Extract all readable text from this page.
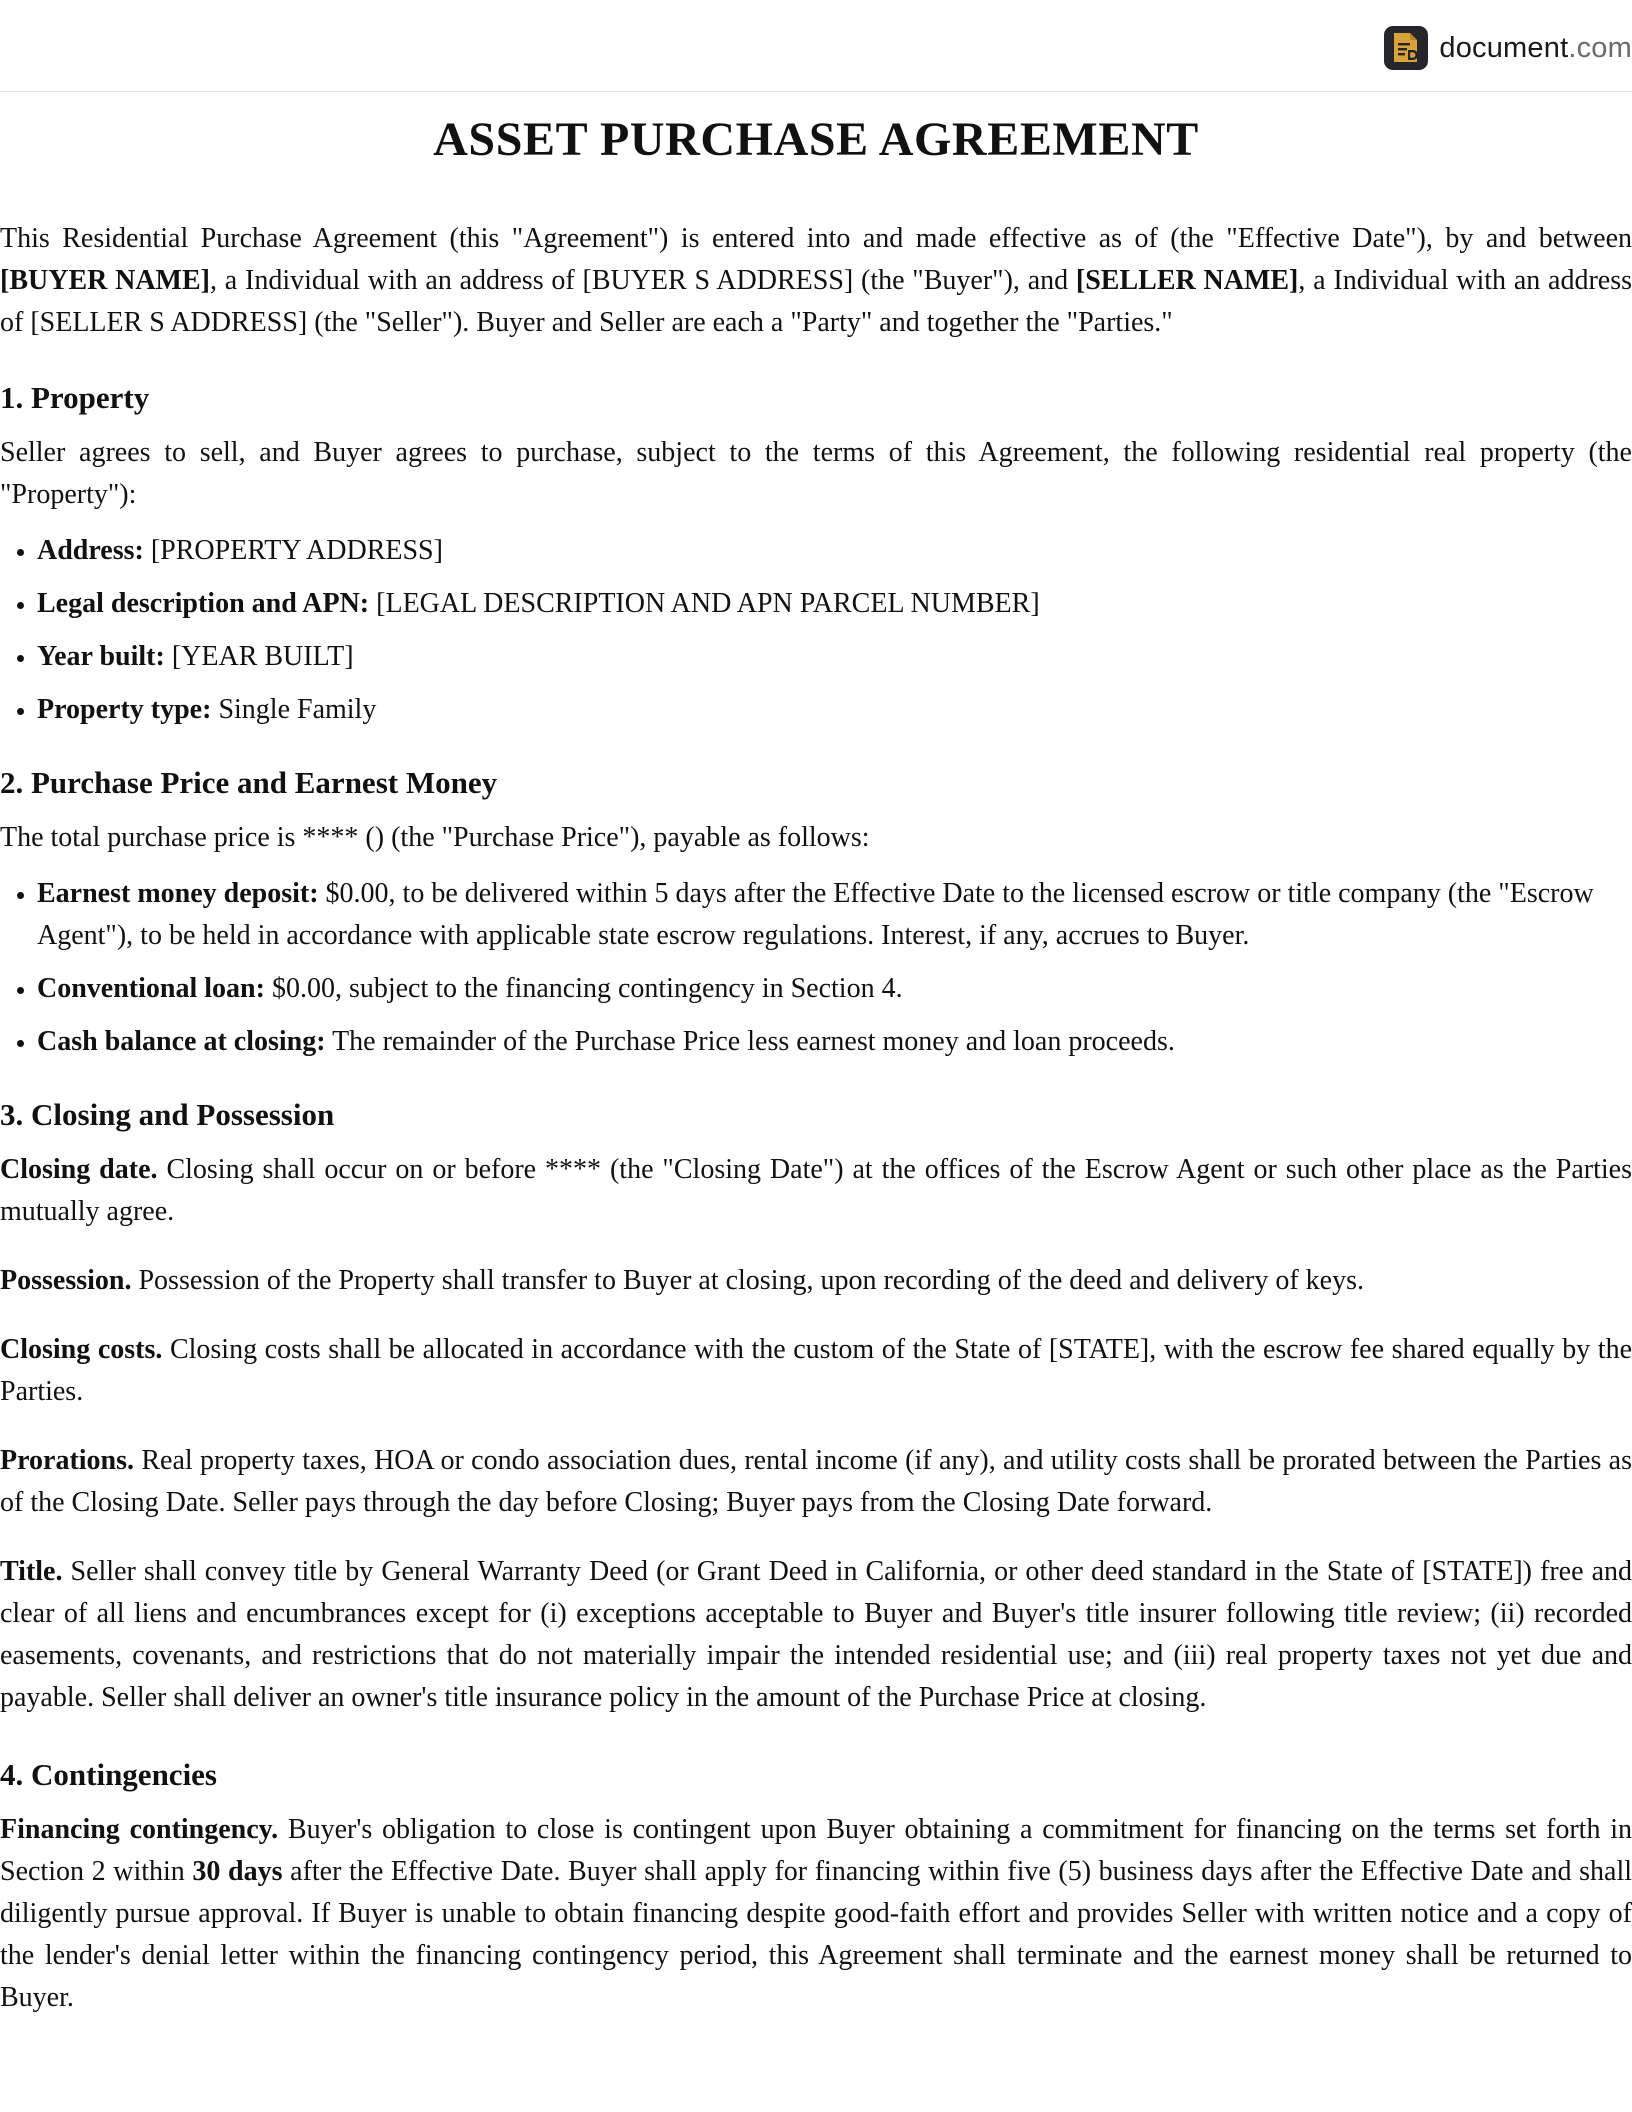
document.com
ASSET PURCHASE AGREEMENT

This Residential Purchase Agreement (this "Agreement") is entered into and made effective as of (the "Effective Date"), by and between [BUYER NAME], a Individual with an address of [BUYER S ADDRESS] (the "Buyer"), and [SELLER NAME], a Individual with an address of [SELLER S ADDRESS] (the "Seller"). Buyer and Seller are each a "Party" and together the "Parties."

1. Property

Seller agrees to sell, and Buyer agrees to purchase, subject to the terms of this Agreement, the following residential real property (the "Property"):

• Address: [PROPERTY ADDRESS]
• Legal description and APN: [LEGAL DESCRIPTION AND APN PARCEL NUMBER]
• Year built: [YEAR BUILT]
• Property type: Single Family
2. Purchase Price and Earnest Money

The total purchase price is **** () (the "Purchase Price"), payable as follows:

• Earnest money deposit: $0.00, to be delivered within 5 days after the Effective Date to the licensed escrow or title company (the "Escrow Agent"), to be held in accordance with applicable state escrow regulations. Interest, if any, accrues to Buyer.
• Conventional loan: $0.00, subject to the financing contingency in Section 4.
• Cash balance at closing: The remainder of the Purchase Price less earnest money and loan proceeds.
3. Closing and Possession

Closing date. Closing shall occur on or before **** (the "Closing Date") at the offices of the Escrow Agent or such other place as the Parties mutually agree.

Possession. Possession of the Property shall transfer to Buyer at closing, upon recording of the deed and delivery of keys.

Closing costs. Closing costs shall be allocated in accordance with the custom of the State of [STATE], with the escrow fee shared equally by the Parties.

Prorations. Real property taxes, HOA or condo association dues, rental income (if any), and utility costs shall be prorated between the Parties as of the Closing Date. Seller pays through the day before Closing; Buyer pays from the Closing Date forward.

Title. Seller shall convey title by General Warranty Deed (or Grant Deed in California, or other deed standard in the State of [STATE]) free and clear of all liens and encumbrances except for (i) exceptions acceptable to Buyer and Buyer's title insurer following title review; (ii) recorded easements, covenants, and restrictions that do not materially impair the intended residential use; and (iii) real property taxes not yet due and payable. Seller shall deliver an owner's title insurance policy in the amount of the Purchase Price at closing.

4. Contingencies

Financing contingency. Buyer's obligation to close is contingent upon Buyer obtaining a commitment for financing on the terms set forth in Section 2 within 30 days after the Effective Date. Buyer shall apply for financing within five (5) business days after the Effective Date and shall diligently pursue approval. If Buyer is unable to obtain financing despite good-faith effort and provides Seller with written notice and a copy of the lender's denial letter within the financing contingency period, this Agreement shall terminate and the earnest money shall be returned to Buyer.
